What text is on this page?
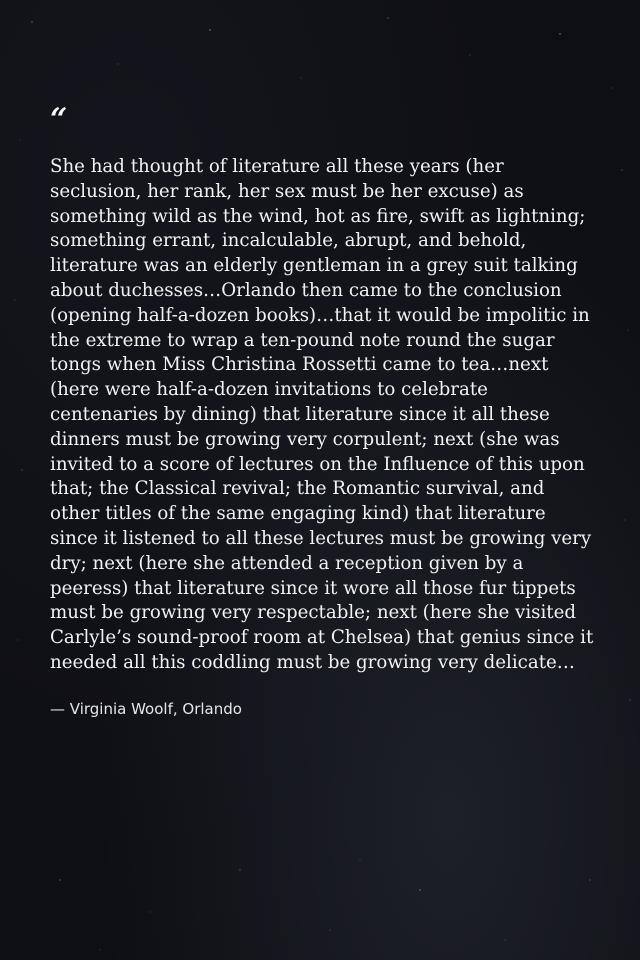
“

She had thought of literature all these years (her seclusion, her rank, her sex must be her excuse) as something wild as the wind, hot as fire, swift as lightning; something errant, incalculable, abrupt, and behold, literature was an elderly gentleman in a grey suit talking about duchesses…Orlando then came to the conclusion (opening half-a-dozen books)…that it would be impolitic in the extreme to wrap a ten-pound note round the sugar tongs when Miss Christina Rossetti came to tea…next (here were half-a-dozen invitations to celebrate centenaries by dining) that literature since it all these dinners must be growing very corpulent; next (she was invited to a score of lectures on the Influence of this upon that; the Classical revival; the Romantic survival, and other titles of the same engaging kind) that literature since it listened to all these lectures must be growing very dry; next (here she attended a reception given by a peeress) that literature since it wore all those fur tippets must be growing very respectable; next (here she visited Carlyle’s sound-proof room at Chelsea) that genius since it needed all this coddling must be growing very delicate…

— Virginia Woolf, Orlando
